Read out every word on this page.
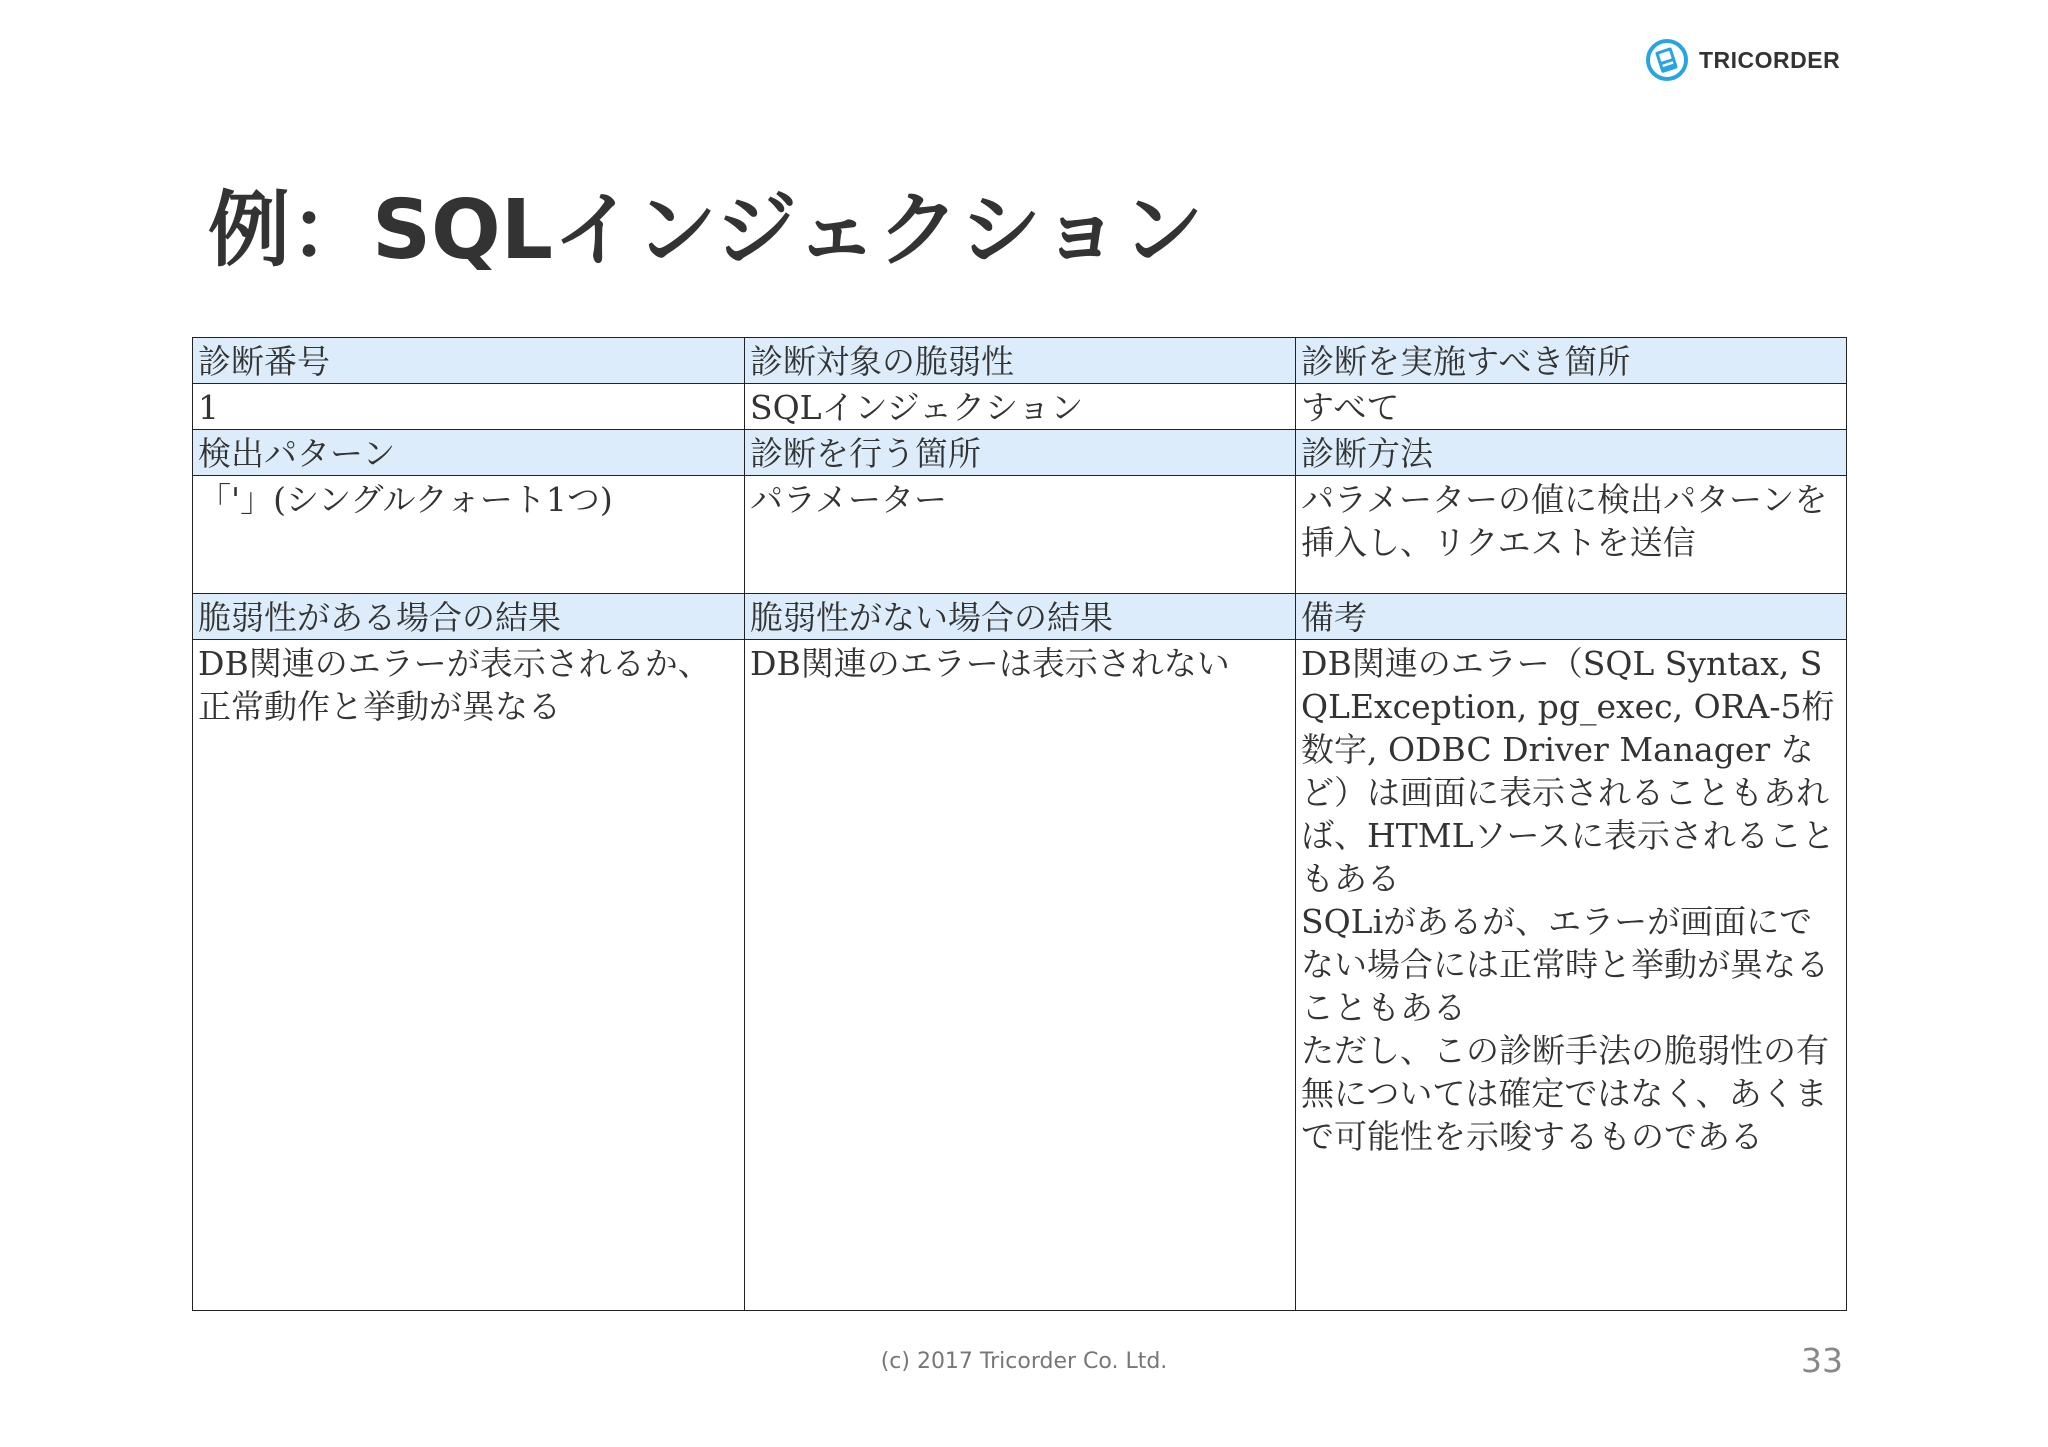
TRICORDER
例：SQLインジェクション
診断番号	診断対象の脆弱性	診断を実施すべき箇所
1	SQLインジェクション	すべて
検出パターン	診断を行う箇所	診断方法
「'」(シングルクォート1つ)	パラメーター	パラメーターの値に検出パターンを挿入し、リクエストを送信
脆弱性がある場合の結果	脆弱性がない場合の結果	備考
DB関連のエラーが表示されるか、正常動作と挙動が異なる	DB関連のエラーは表示されない	DB関連のエラー（SQL Syntax, SQLException, pg_exec, ORA-5桁数字, ODBC Driver Manager など）は画面に表示されることもあれば、HTMLソースに表示されることもある
SQLiがあるが、エラーが画面にでない場合には正常時と挙動が異なることもある
ただし、この診断手法の脆弱性の有無については確定ではなく、あくまで可能性を示唆するものである
(c) 2017 Tricorder Co. Ltd.	33
